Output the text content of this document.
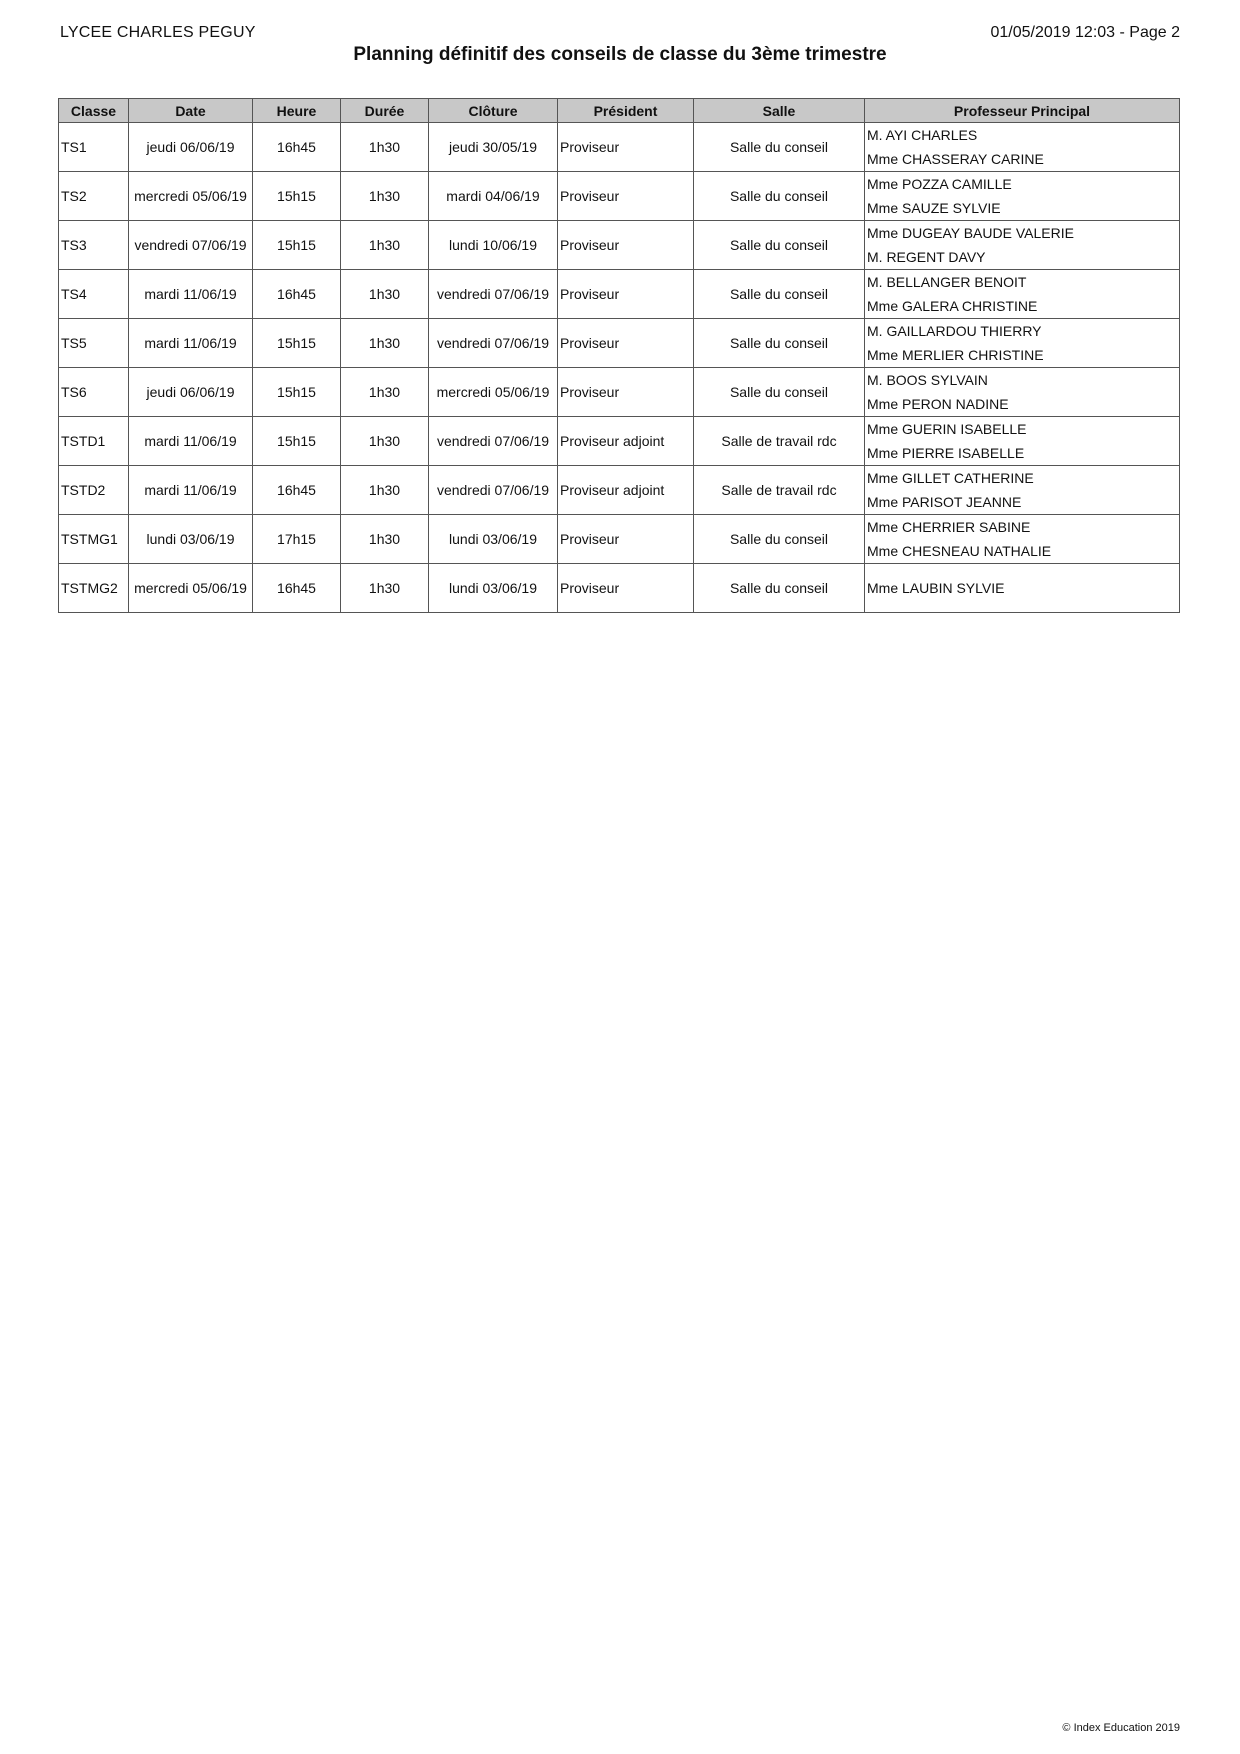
LYCEE CHARLES PEGUY	01/05/2019 12:03 - Page 2
Planning définitif des conseils de classe du 3ème trimestre
Classe	Date	Heure	Durée	Clôture	Président	Salle	Professeur Principal
TS1	jeudi 06/06/19	16h45	1h30	jeudi 30/05/19	Proviseur	Salle du conseil	M. AYI CHARLES
Mme CHASSERAY CARINE

TS2	mercredi 05/06/19	15h15	1h30	mardi 04/06/19	Proviseur	Salle du conseil	Mme POZZA CAMILLE
Mme SAUZE SYLVIE

TS3	vendredi 07/06/19	15h15	1h30	lundi 10/06/19	Proviseur	Salle du conseil	Mme DUGEAY BAUDE VALERIE
M. REGENT DAVY

TS4	mardi 11/06/19	16h45	1h30	vendredi 07/06/19	Proviseur	Salle du conseil	M. BELLANGER BENOIT
Mme GALERA CHRISTINE

TS5	mardi 11/06/19	15h15	1h30	vendredi 07/06/19	Proviseur	Salle du conseil	M. GAILLARDOU THIERRY
Mme MERLIER CHRISTINE

TS6	jeudi 06/06/19	15h15	1h30	mercredi 05/06/19	Proviseur	Salle du conseil	M. BOOS SYLVAIN
Mme PERON NADINE

TSTD1	mardi 11/06/19	15h15	1h30	vendredi 07/06/19	Proviseur adjoint	Salle de travail rdc	Mme GUERIN ISABELLE
Mme PIERRE ISABELLE

TSTD2	mardi 11/06/19	16h45	1h30	vendredi 07/06/19	Proviseur adjoint	Salle de travail rdc	Mme GILLET CATHERINE
Mme PARISOT JEANNE

TSTMG1	lundi 03/06/19	17h15	1h30	lundi 03/06/19	Proviseur	Salle du conseil	Mme CHERRIER SABINE
Mme CHESNEAU NATHALIE

TSTMG2	mercredi 05/06/19	16h45	1h30	lundi 03/06/19	Proviseur	Salle du conseil	Mme LAUBIN SYLVIE
© Index Education 2019
